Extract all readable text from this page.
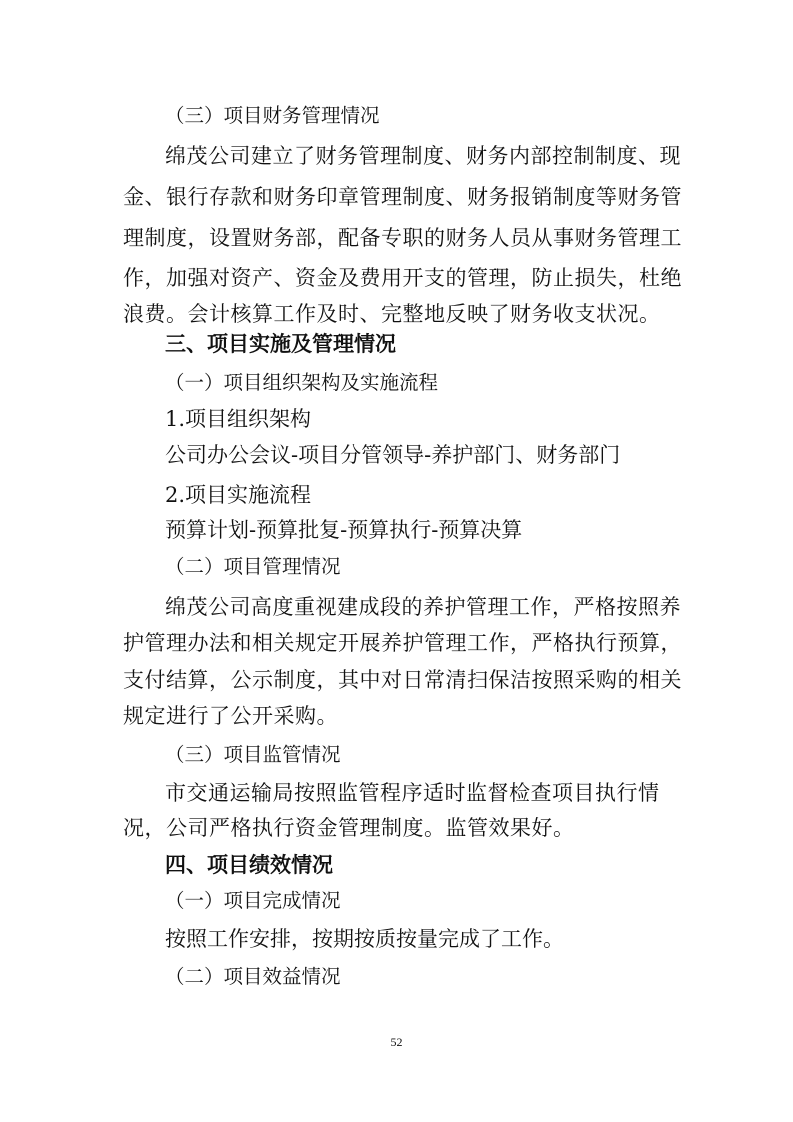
（三）项目财务管理情况
绵茂公司建立了财务管理制度、财务内部控制制度、现
金、银行存款和财务印章管理制度、财务报销制度等财务管
理制度，设置财务部，配备专职的财务人员从事财务管理工
作，加强对资产、资金及费用开支的管理，防止损失，杜绝
浪费。会计核算工作及时、完整地反映了财务收支状况。
三、项目实施及管理情况
（一）项目组织架构及实施流程
1.项目组织架构
公司办公会议-项目分管领导-养护部门、财务部门
2.项目实施流程
预算计划-预算批复-预算执行-预算决算
（二）项目管理情况
绵茂公司高度重视建成段的养护管理工作，严格按照养
护管理办法和相关规定开展养护管理工作，严格执行预算，
支付结算，公示制度，其中对日常清扫保洁按照采购的相关
规定进行了公开采购。
（三）项目监管情况
市交通运输局按照监管程序适时监督检查项目执行情
况，公司严格执行资金管理制度。监管效果好。
四、项目绩效情况
（一）项目完成情况
按照工作安排，按期按质按量完成了工作。
（二）项目效益情况
52
